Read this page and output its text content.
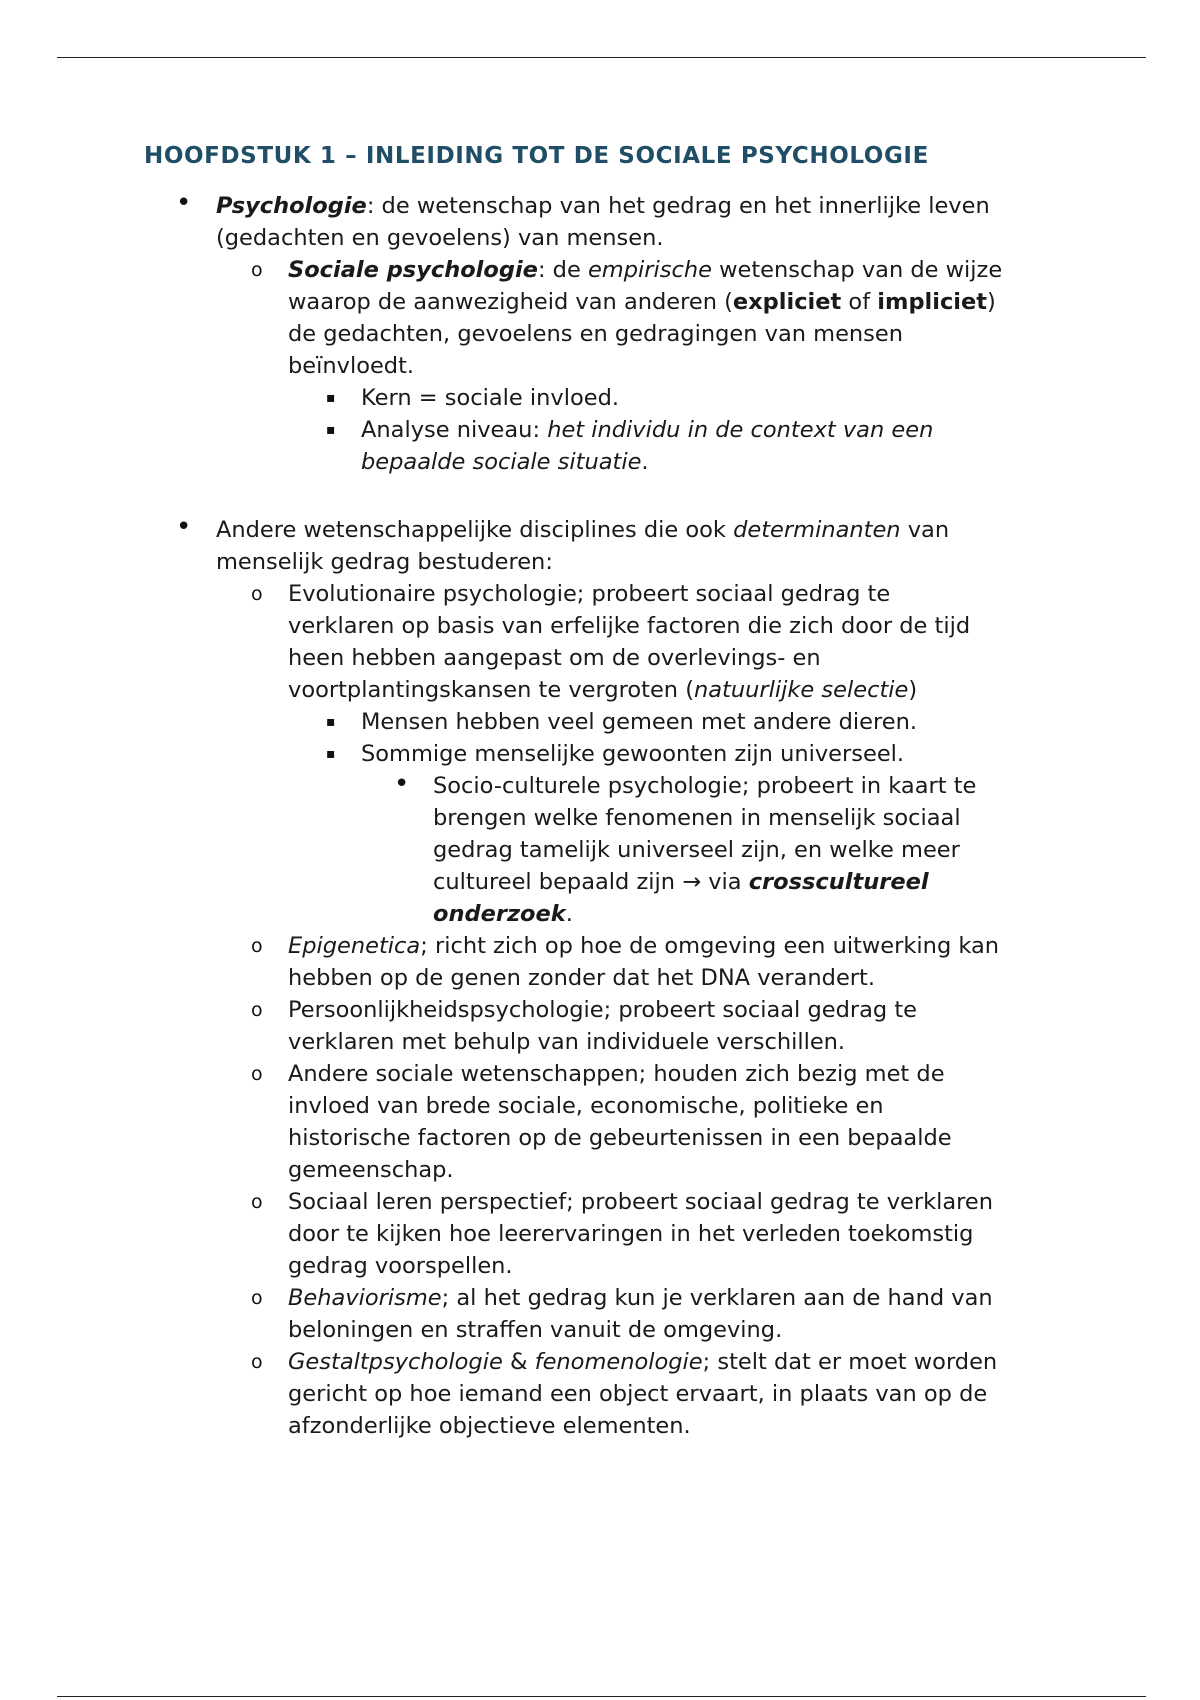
HOOFDSTUK 1 – INLEIDING TOT DE SOCIALE PSYCHOLOGIE
• Psychologie: de wetenschap van het gedrag en het innerlijke leven
(gedachten en gevoelens) van mensen.
o Sociale psychologie: de empirische wetenschap van de wijze
waarop de aanwezigheid van anderen (expliciet of impliciet)
de gedachten, gevoelens en gedragingen van mensen
beïnvloedt.
▪ Kern = sociale invloed.
▪ Analyse niveau: het individu in de context van een
bepaalde sociale situatie.
• Andere wetenschappelijke disciplines die ook determinanten van
menselijk gedrag bestuderen:
o Evolutionaire psychologie; probeert sociaal gedrag te
verklaren op basis van erfelijke factoren die zich door de tijd
heen hebben aangepast om de overlevings- en
voortplantingskansen te vergroten (natuurlijke selectie)
▪ Mensen hebben veel gemeen met andere dieren.
▪ Sommige menselijke gewoonten zijn universeel.
• Socio-culturele psychologie; probeert in kaart te
brengen welke fenomenen in menselijk sociaal
gedrag tamelijk universeel zijn, en welke meer
cultureel bepaald zijn → via crosscultureel
onderzoek.
o Epigenetica; richt zich op hoe de omgeving een uitwerking kan
hebben op de genen zonder dat het DNA verandert.
o Persoonlijkheidspsychologie; probeert sociaal gedrag te
verklaren met behulp van individuele verschillen.
o Andere sociale wetenschappen; houden zich bezig met de
invloed van brede sociale, economische, politieke en
historische factoren op de gebeurtenissen in een bepaalde
gemeenschap.
o Sociaal leren perspectief; probeert sociaal gedrag te verklaren
door te kijken hoe leerervaringen in het verleden toekomstig
gedrag voorspellen.
o Behaviorisme; al het gedrag kun je verklaren aan de hand van
beloningen en straffen vanuit de omgeving.
o Gestaltpsychologie & fenomenologie; stelt dat er moet worden
gericht op hoe iemand een object ervaart, in plaats van op de
afzonderlijke objectieve elementen.
